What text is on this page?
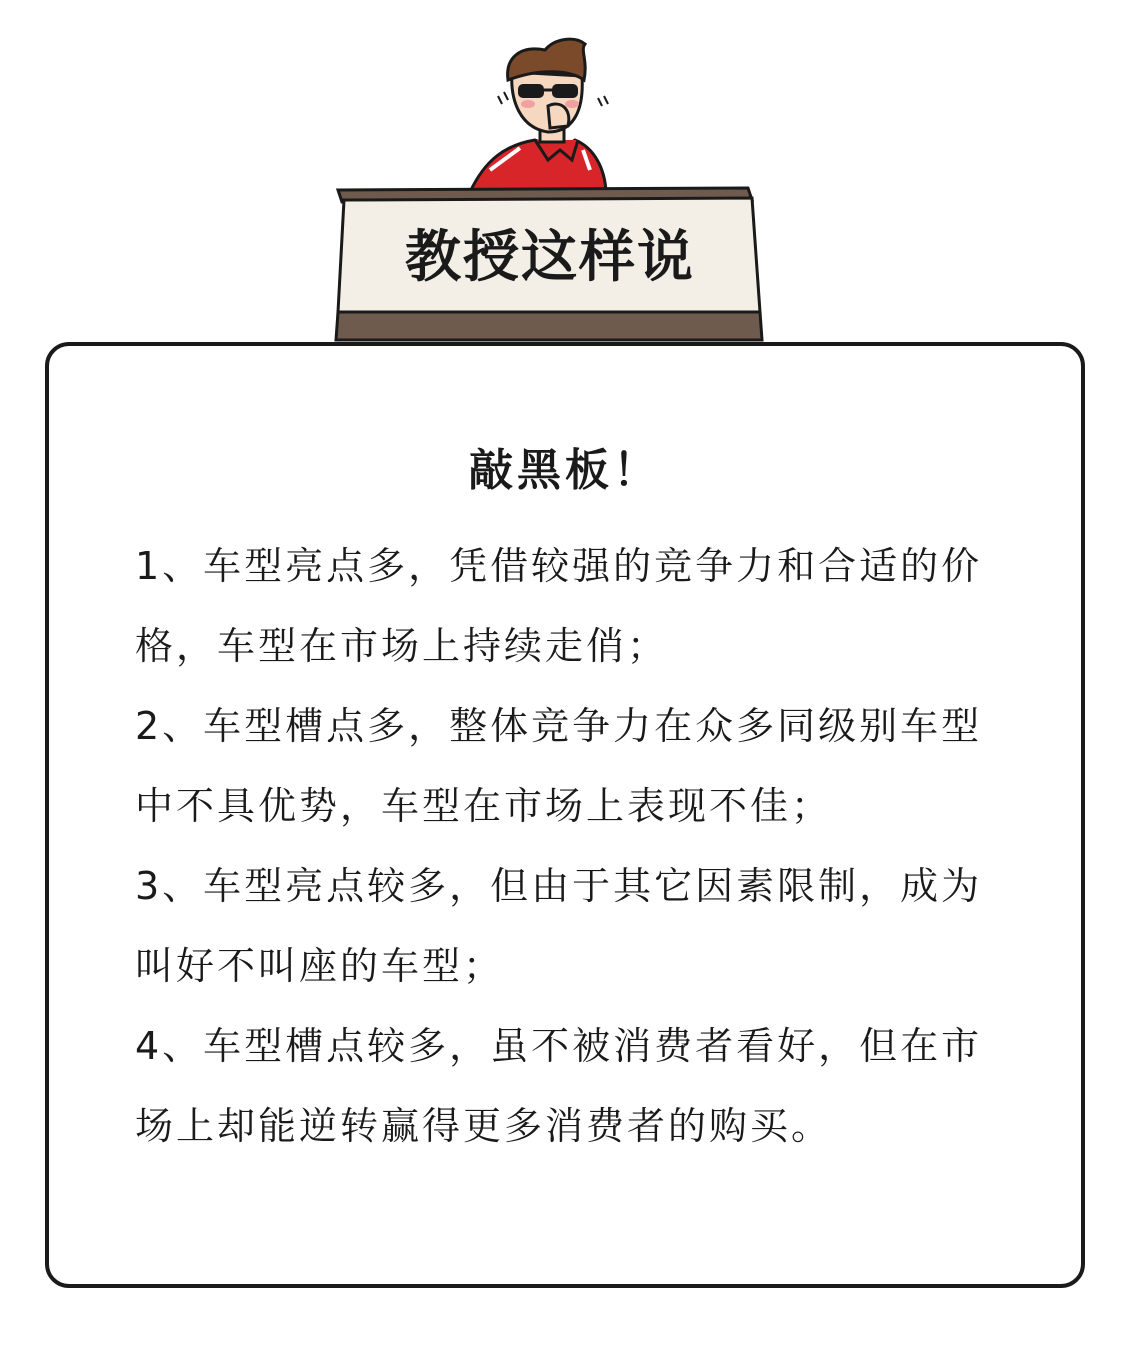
教授这样说
敲黑板！
1、车型亮点多，凭借较强的竞争力和合适的价格，车型在市场上持续走俏；
2、车型槽点多，整体竞争力在众多同级别车型中不具优势，车型在市场上表现不佳；
3、车型亮点较多，但由于其它因素限制，成为叫好不叫座的车型；
4、车型槽点较多，虽不被消费者看好，但在市场上却能逆转赢得更多消费者的购买。
